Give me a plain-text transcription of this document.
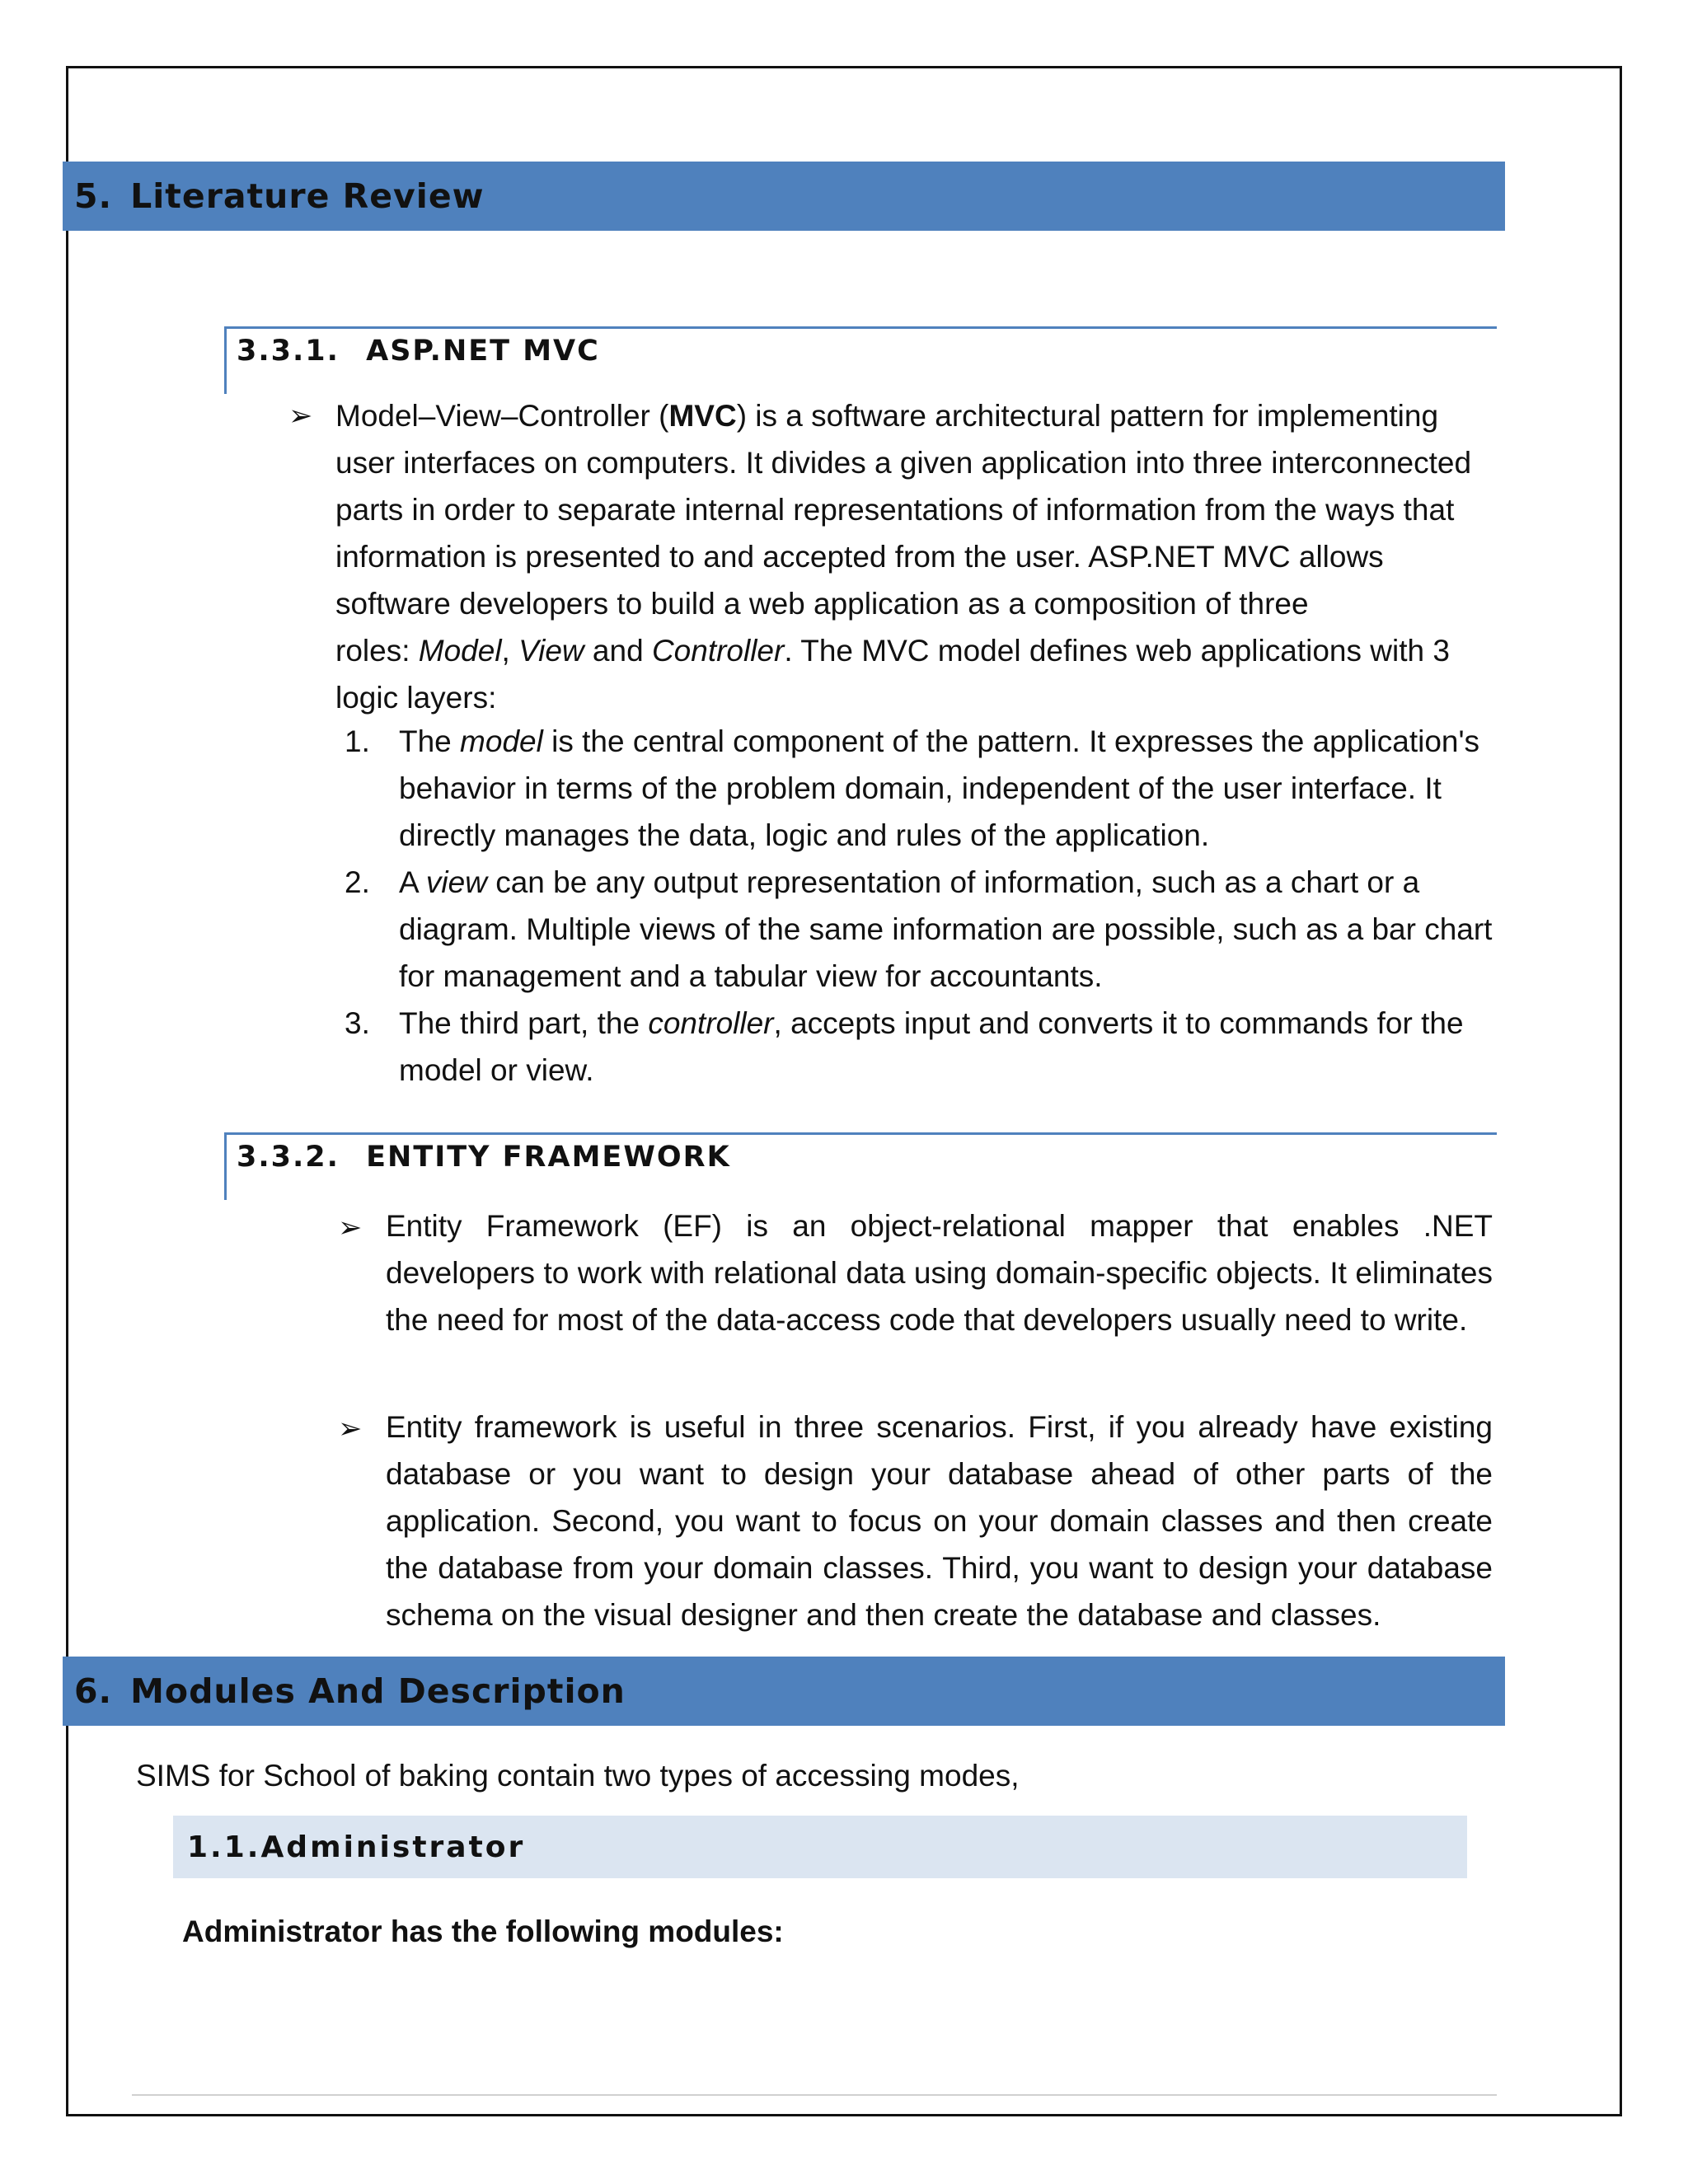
5. Literature Review
3.3.1. ASP.NET MVC
➢ Model–View–Controller (MVC) is a software architectural pattern for implementing
user interfaces on computers. It divides a given application into three interconnected
parts in order to separate internal representations of information from the ways that
information is presented to and accepted from the user. ASP.NET MVC allows
software developers to build a web application as a composition of three
roles: Model, View and Controller. The MVC model defines web applications with 3
logic layers:
1. The model is the central component of the pattern. It expresses the application's behavior in terms of the problem domain, independent of the user interface. It directly manages the data, logic and rules of the application.
2. A view can be any output representation of information, such as a chart or a diagram. Multiple views of the same information are possible, such as a bar chart for management and a tabular view for accountants.
3. The third part, the controller, accepts input and converts it to commands for the model or view.
3.3.2. ENTITY FRAMEWORK
➢ Entity Framework (EF) is an object-relational mapper that enables .NET developers to work with relational data using domain-specific objects. It eliminates the need for most of the data-access code that developers usually need to write.
➢ Entity framework is useful in three scenarios. First, if you already have existing database or you want to design your database ahead of other parts of the application. Second, you want to focus on your domain classes and then create the database from your domain classes. Third, you want to design your database schema on the visual designer and then create the database and classes.
6. Modules And Description
SIMS for School of baking contain two types of accessing modes,
1.1.Administrator
Administrator has the following modules:
